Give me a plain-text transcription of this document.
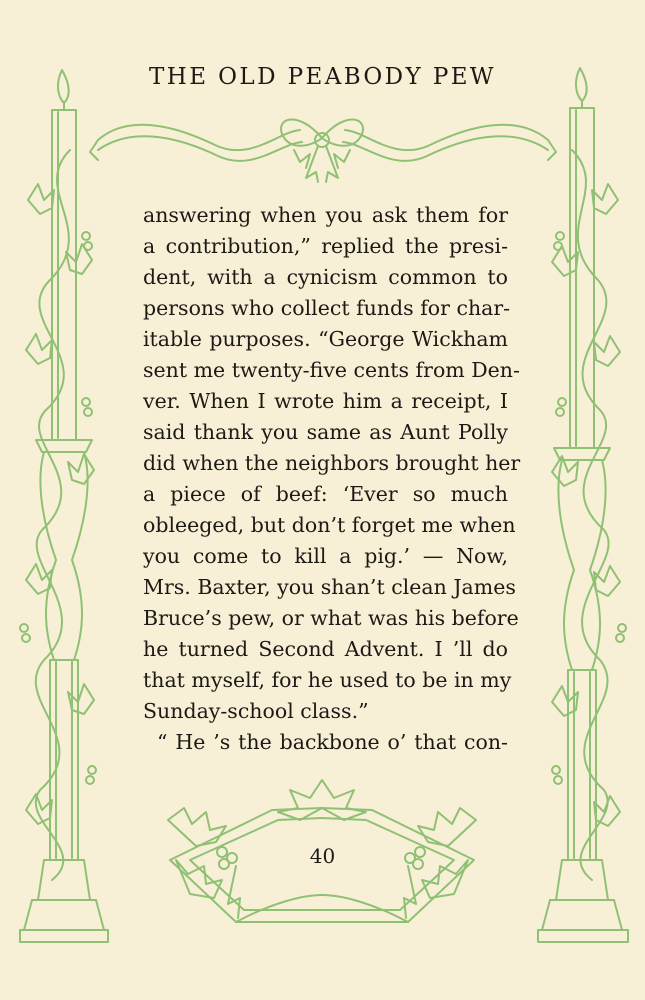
THE OLD PEABODY PEW
answering when you ask them for
a contribution,” replied the presi-
dent, with a cynicism common to
persons who collect funds for char-
itable purposes. “George Wickham
sent me twenty-five cents from Den-
ver. When I wrote him a receipt, I
said thank you same as Aunt Polly
did when the neighbors brought her
a piece of beef: ‘Ever so much
obleeged, but don’t forget me when
you come to kill a pig.’ — Now,
Mrs. Baxter, you shan’t clean James
Bruce’s pew, or what was his before
he turned Second Advent. I ’ll do
that myself, for he used to be in my
Sunday-school class.”
“ He ’s the backbone o’ that con-
40
